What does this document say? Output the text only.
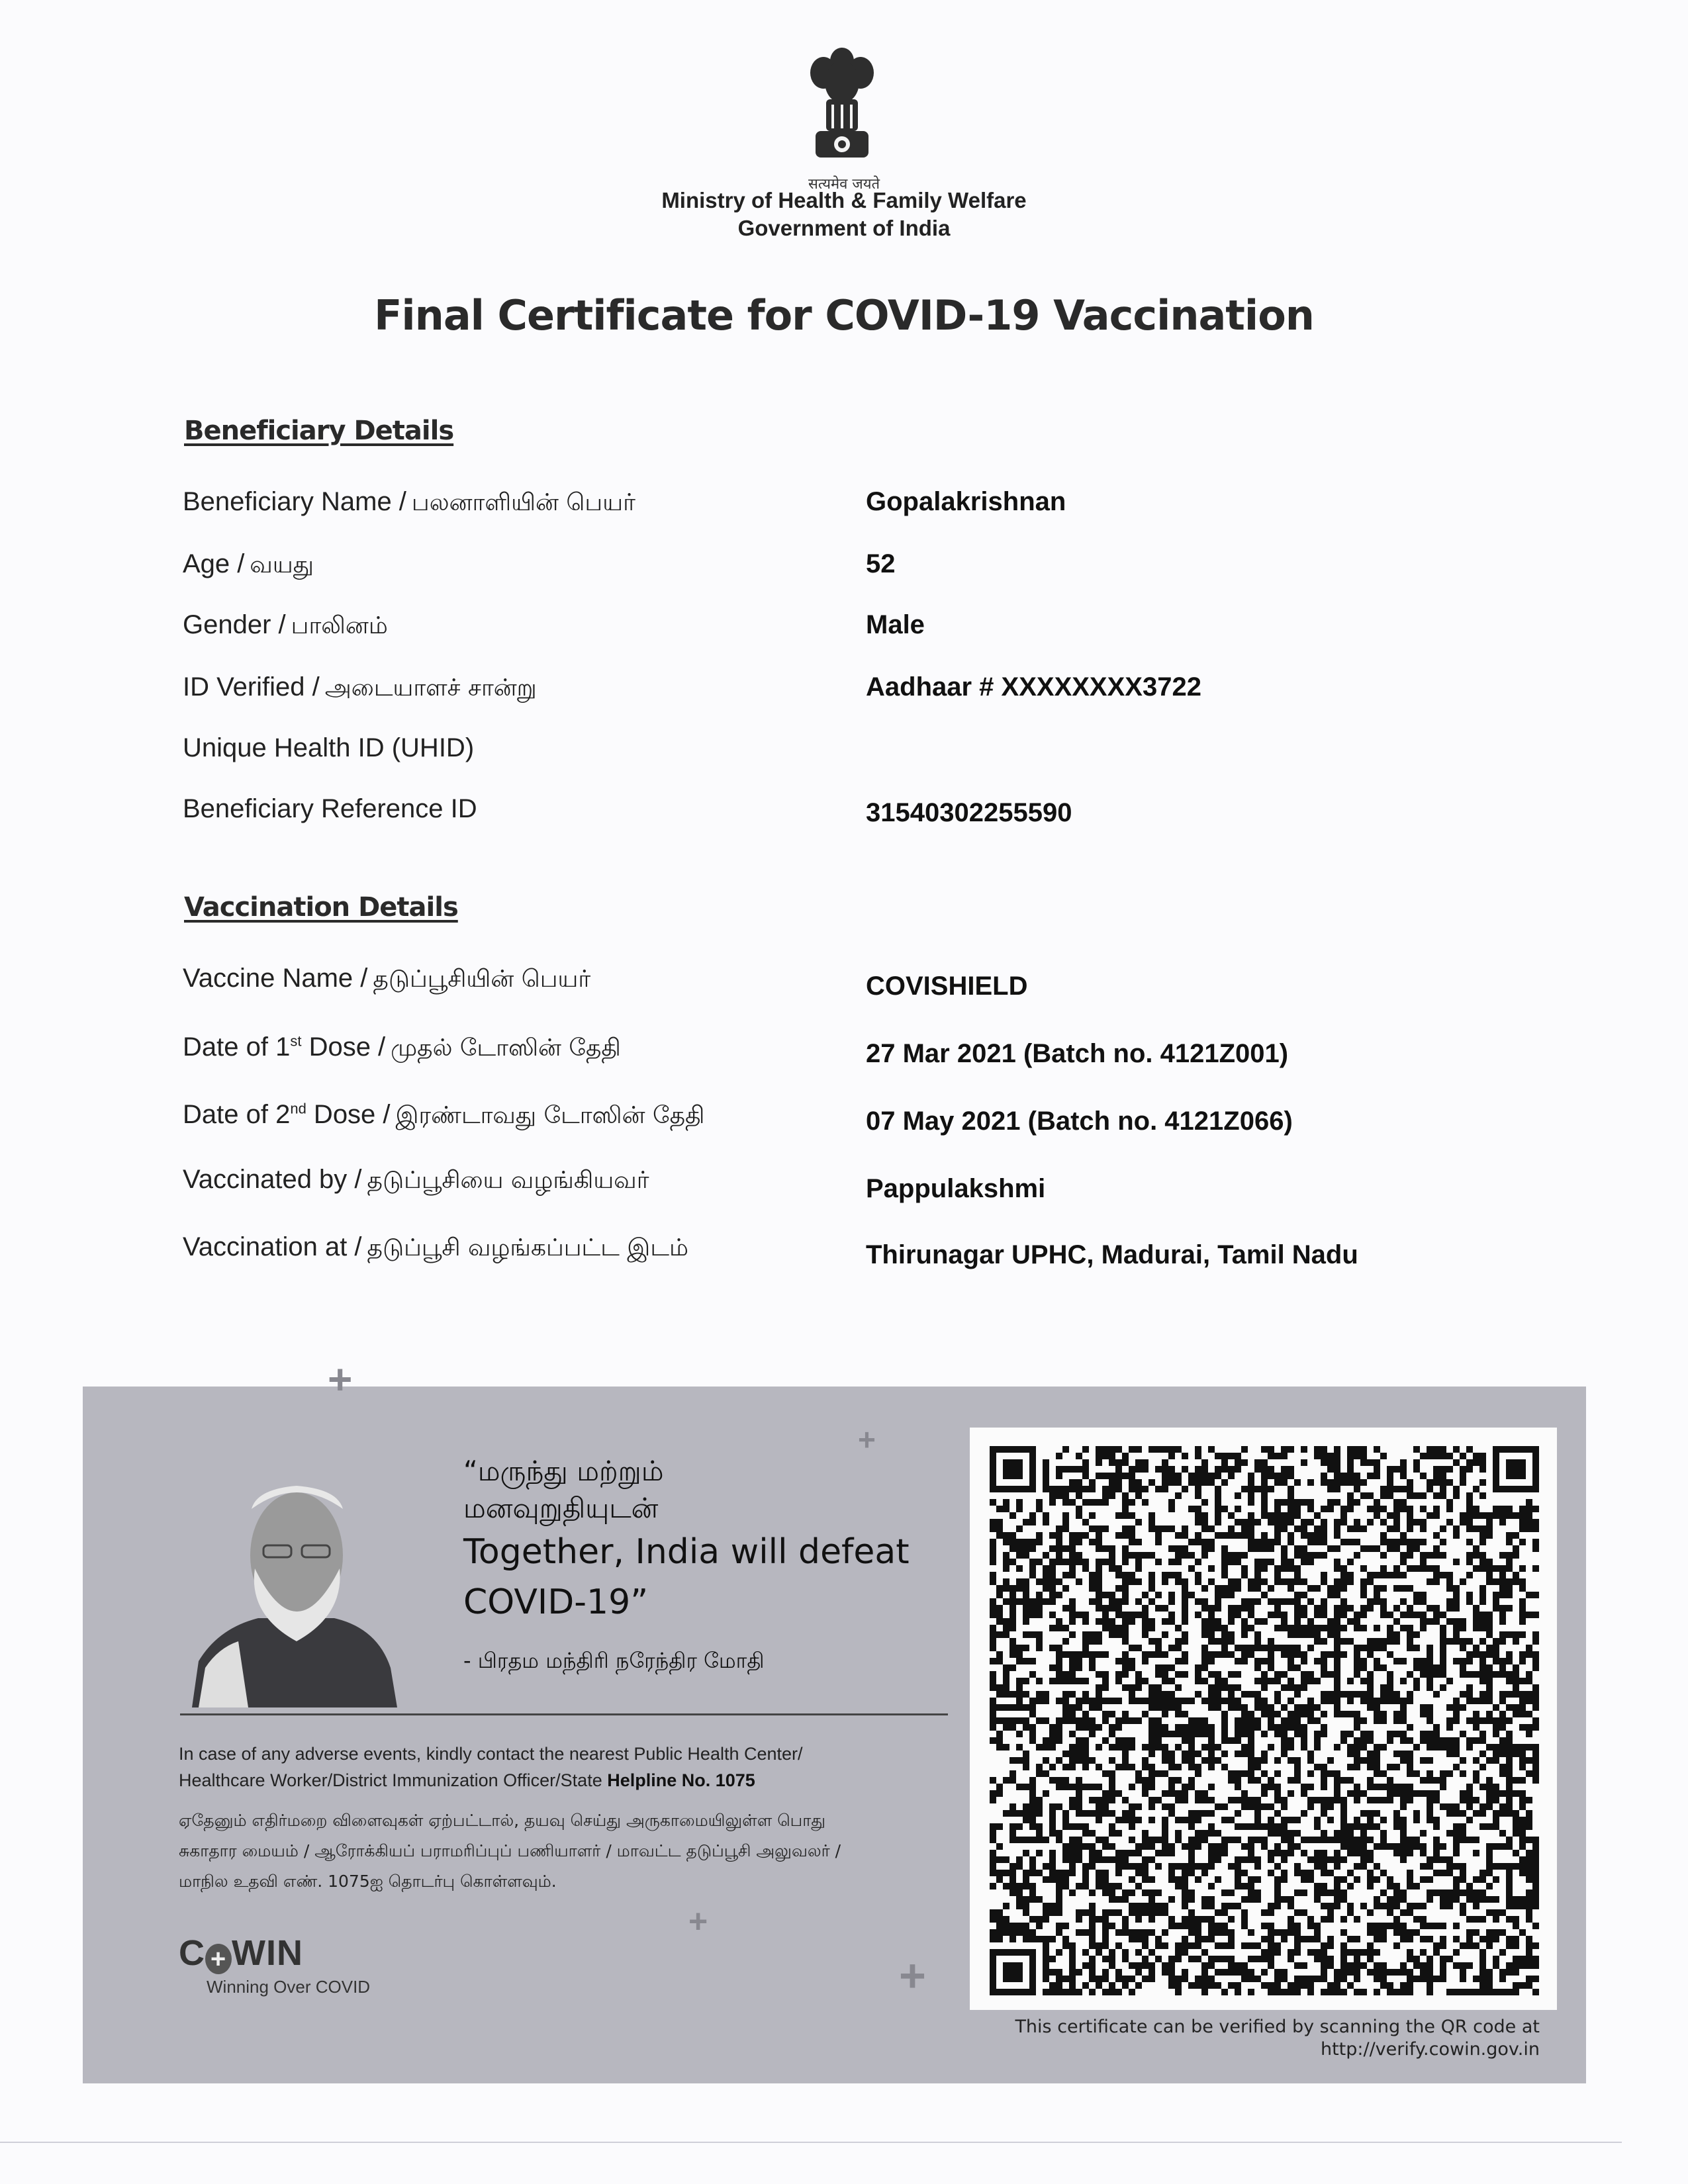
सत्यमेव जयते
Ministry of Health & Family Welfare
Government of India
Final Certificate for COVID-19 Vaccination
Beneficiary Details
Beneficiary Name / பலனாளியின் பெயர்	Gopalakrishnan
Age / வயது	52
Gender / பாலினம்	Male
ID Verified / அடையாளச் சான்று	Aadhaar # XXXXXXXX3722
Unique Health ID (UHID)
Beneficiary Reference ID	31540302255590
Vaccination Details
Vaccine Name / தடுப்பூசியின் பெயர்	COVISHIELD
Date of 1st Dose / முதல் டோஸின் தேதி	27 Mar 2021 (Batch no. 4121Z001)
Date of 2nd Dose / இரண்டாவது டோஸின் தேதி	07 May 2021 (Batch no. 4121Z066)
Vaccinated by / தடுப்பூசியை வழங்கியவர்	Pappulakshmi
Vaccination at / தடுப்பூசி வழங்கப்பட்ட இடம்	Thirunagar UPHC, Madurai, Tamil Nadu
+
+
+
+
“மருந்து மற்றும்
மனவுறுதியுடன்
Together, India will defeat
COVID-19”
- பிரதம மந்திரி நரேந்திர மோதி
In case of any adverse events, kindly contact the nearest Public Health Center/
Healthcare Worker/District Immunization Officer/State Helpline No. 1075
ஏதேனும் எதிர்மறை விளைவுகள் ஏற்பட்டால், தயவு செய்து அருகாமையிலுள்ள பொது
சுகாதார மையம் / ஆரோக்கியப் பராமரிப்புப் பணியாளர் / மாவட்ட தடுப்பூசி அலுவலர் /
மாநில உதவி எண். 1075ஐ தொடர்பு கொள்ளவும்.
C + WIN
Winning Over COVID
This certificate can be verified by scanning the QR code at
http://verify.cowin.gov.in
